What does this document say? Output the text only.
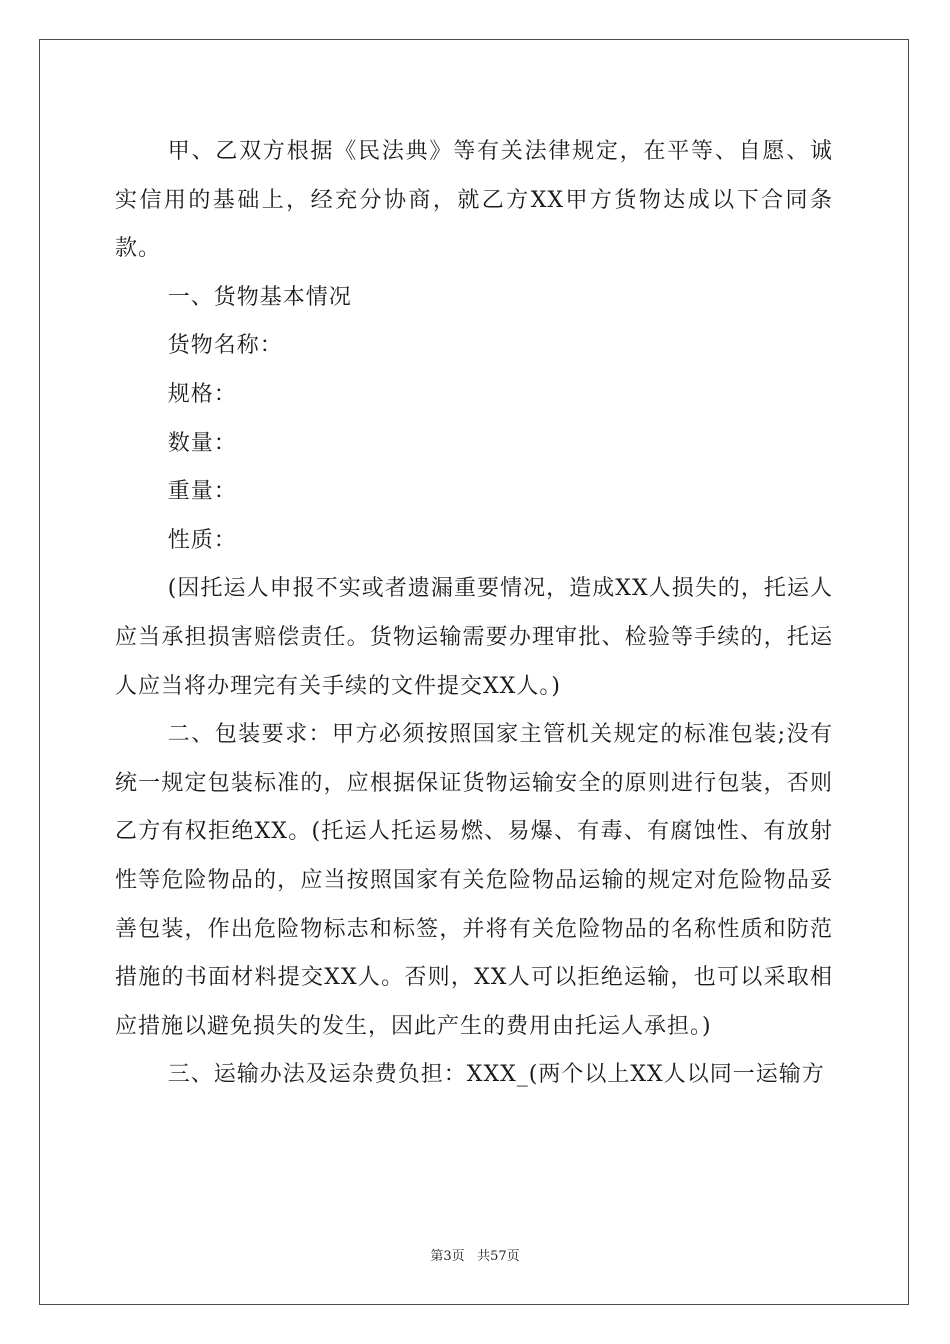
甲、乙双方根据《民法典》等有关法律规定，在平等、自愿、诚实信用的基础上，经充分协商，就乙方XX甲方货物达成以下合同条款。

一、货物基本情况

货物名称：

规格：

数量：

重量：

性质：

(因托运人申报不实或者遗漏重要情况，造成XX人损失的，托运人应当承担损害赔偿责任。货物运输需要办理审批、检验等手续的，托运人应当将办理完有关手续的文件提交XX人。)

二、包装要求：甲方必须按照国家主管机关规定的标准包装;没有统一规定包装标准的，应根据保证货物运输安全的原则进行包装，否则乙方有权拒绝XX。(托运人托运易燃、易爆、有毒、有腐蚀性、有放射性等危险物品的，应当按照国家有关危险物品运输的规定对危险物品妥善包装，作出危险物标志和标签，并将有关危险物品的名称性质和防范措施的书面材料提交XX人。否则，XX人可以拒绝运输，也可以采取相应措施以避免损失的发生，因此产生的费用由托运人承担。)

三、运输办法及运杂费负担：XXX_(两个以上XX人以同一运输方

第3页 共57页
